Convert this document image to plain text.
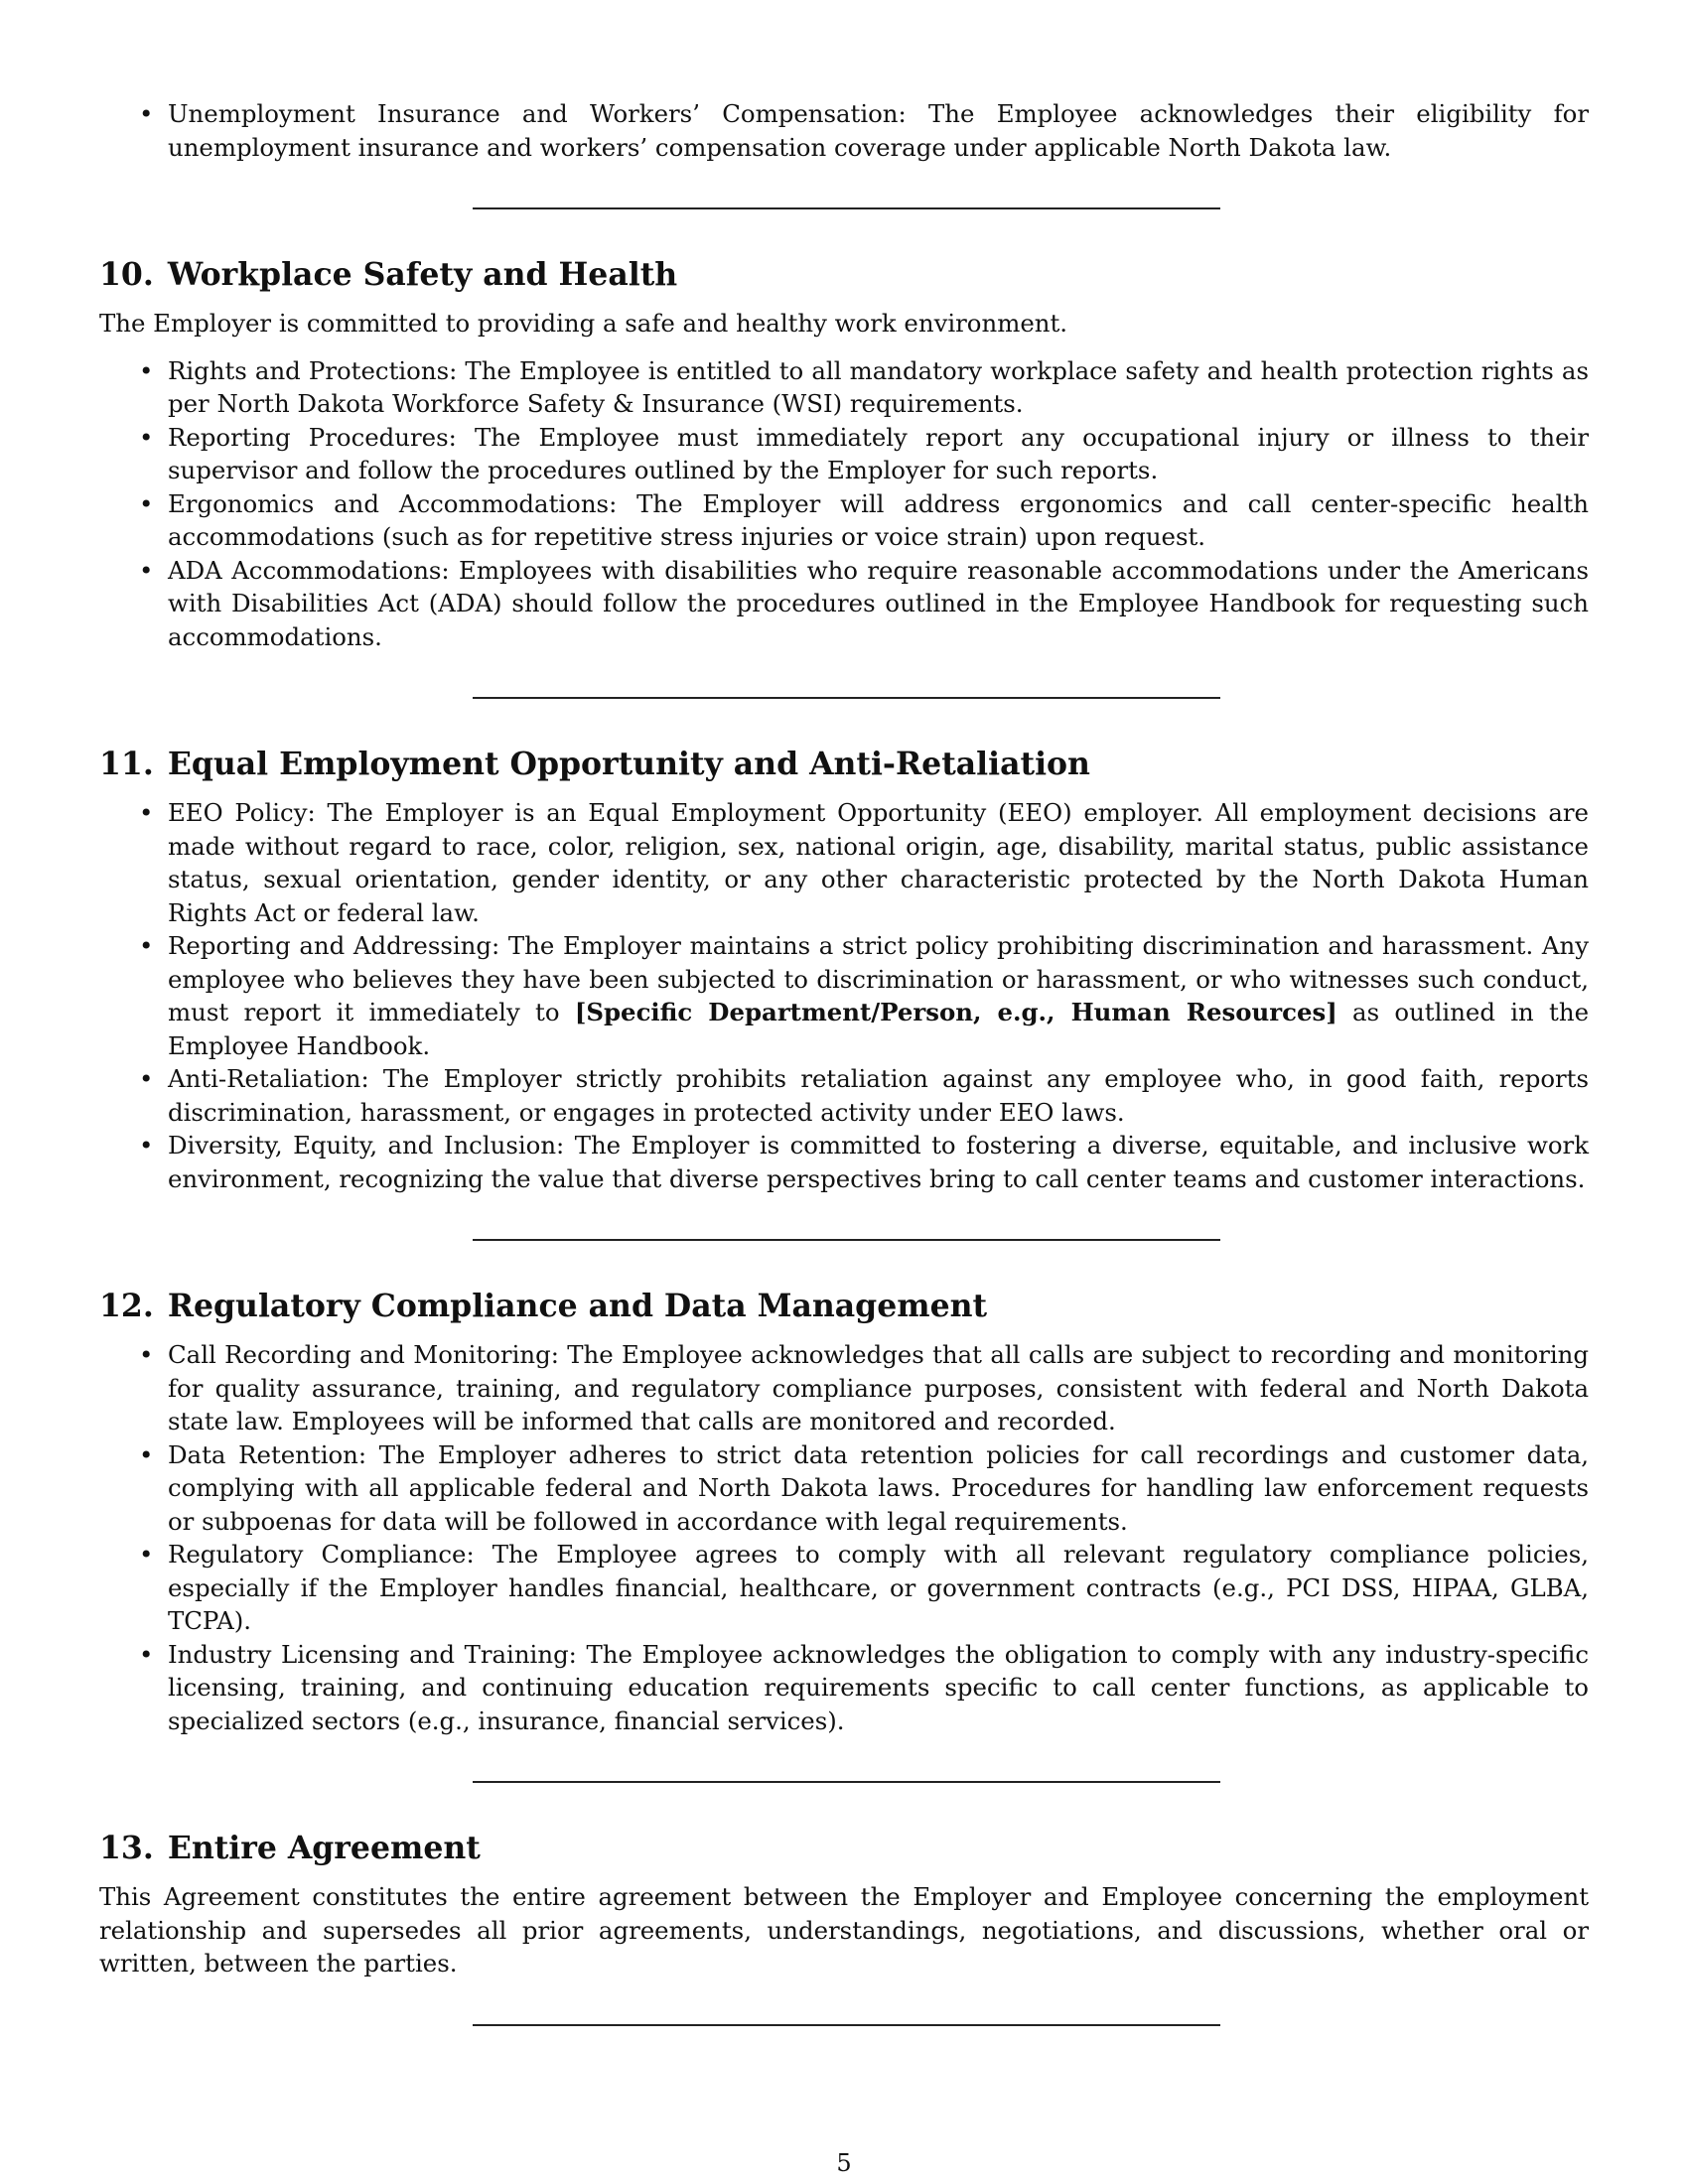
• Unemployment Insurance and Workers’ Compensation: The Employee acknowledges their eligibility for unemployment insurance and workers’ compensation coverage under applicable North Dakota law.
10. Workplace Safety and Health

The Employer is committed to providing a safe and healthy work environment.

• Rights and Protections: The Employee is entitled to all mandatory workplace safety and health protection rights as per North Dakota Workforce Safety & Insurance (WSI) requirements.
• Reporting Procedures: The Employee must immediately report any occupational injury or illness to their supervisor and follow the procedures outlined by the Employer for such reports.
• Ergonomics and Accommodations: The Employer will address ergonomics and call center-specific health accommodations (such as for repetitive stress injuries or voice strain) upon request.
• ADA Accommodations: Employees with disabilities who require reasonable accommodations under the Americans with Disabilities Act (ADA) should follow the procedures outlined in the Employee Handbook for requesting such accommodations.
11. Equal Employment Opportunity and Anti-Retaliation
• EEO Policy: The Employer is an Equal Employment Opportunity (EEO) employer. All employment decisions are made without regard to race, color, religion, sex, national origin, age, disability, marital status, public assistance status, sexual orientation, gender identity, or any other characteristic protected by the North Dakota Human Rights Act or federal law.
• Reporting and Addressing: The Employer maintains a strict policy prohibiting discrimination and harassment. Any employee who believes they have been subjected to discrimination or harassment, or who witnesses such conduct, must report it immediately to [Specific Department/Person, e.g., Human Resources] as outlined in the Employee Handbook.
• Anti-Retaliation: The Employer strictly prohibits retaliation against any employee who, in good faith, reports discrimination, harassment, or engages in protected activity under EEO laws.
• Diversity, Equity, and Inclusion: The Employer is committed to fostering a diverse, equitable, and inclusive work environment, recognizing the value that diverse perspectives bring to call center teams and customer interactions.
12. Regulatory Compliance and Data Management
• Call Recording and Monitoring: The Employee acknowledges that all calls are subject to recording and monitoring for quality assurance, training, and regulatory compliance purposes, consistent with federal and North Dakota state law. Employees will be informed that calls are monitored and recorded.
• Data Retention: The Employer adheres to strict data retention policies for call recordings and customer data, complying with all applicable federal and North Dakota laws. Procedures for handling law enforcement requests or subpoenas for data will be followed in accordance with legal requirements.
• Regulatory Compliance: The Employee agrees to comply with all relevant regulatory compliance policies, especially if the Employer handles financial, healthcare, or government contracts (e.g., PCI DSS, HIPAA, GLBA, TCPA).
• Industry Licensing and Training: The Employee acknowledges the obligation to comply with any industry-specific licensing, training, and continuing education requirements specific to call center functions, as applicable to specialized sectors (e.g., insurance, financial services).
13. Entire Agreement

This Agreement constitutes the entire agreement between the Employer and Employee concerning the employment relationship and supersedes all prior agreements, understandings, negotiations, and discussions, whether oral or written, between the parties.

5
